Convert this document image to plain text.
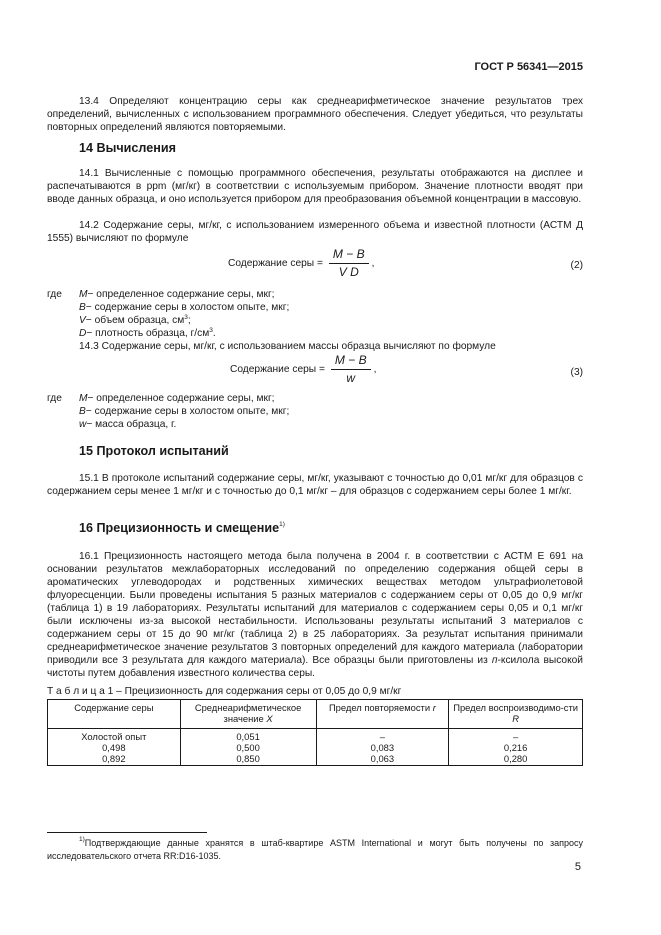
ГОСТ Р 56341—2015

13.4 Определяют концентрацию серы как среднеарифметическое значение результатов трех определений, вычисленных с использованием программного обеспечения. Следует убедиться, что результаты повторных определений являются повторяемыми.

14 Вычисления

14.1 Вычисленные с помощью программного обеспечения, результаты отображаются на дисплее и распечатываются в ppm (мг/кг) в соответствии с используемым прибором. Значение плотности вводят при вводе данных образца, и оно используется прибором для преобразования объемной концентрации в массовую.

14.2 Содержание серы, мг/кг, с использованием измеренного объема и известной плотности (АСТМ Д 1555) вычисляют по формуле

Содержание серы = $\frac{M - B}{\text{V D}}$ ,	(2)
где	M − определенное содержание серы, мкг;
B − содержание серы в холостом опыте, мкг;
V − объем образца, см 3 ;
D − плотность образца, г/см 3 .

14.3 Содержание серы, мг/кг, с использованием массы образца вычисляют по формуле

Содержание серы = $\frac{M - B}{w}$ ,	(3)
где	M − определенное содержание серы, мкг;
B − содержание серы в холостом опыте, мкг;
w − масса образца, г.
15 Протокол испытаний

15.1 В протоколе испытаний содержание серы, мг/кг, указывают с точностью до 0,01 мг/кг для образцов с содержанием серы менее 1 мг/кг и с точностью до 0,1 мг/кг – для образцов с содержанием серы более 1 мг/кг.

16 Прецизионность и смещение$^{1)}$

16.1 Прецизионность настоящего метода была получена в 2004 г. в соответствии с АСТМ Е 691 на основании результатов межлабораторных исследований по определению содержания общей серы в ароматических углеводородах и родственных химических веществах методом ультрафиолетовой флуоресценции. Были проведены испытания 5 разных материалов с содержанием серы от 0,05 до 0,9 мг/кг (таблица 1) в 19 лабораториях. Результаты испытаний для материалов с содержанием серы 0,05 и 0,1 мг/кг были исключены из-за высокой нестабильности. Использованы результаты испытаний 3 материалов с содержанием серы от 15 до 90 мг/кг (таблица 2) в 25 лабораториях. За результат испытания принимали среднеарифметическое значение результатов 3 повторных определений для каждого материала (лаборатории приводили все 3 результата для каждого материала). Все образцы были приготовлены из п-ксилола высокой чистоты путем добавления известного количества серы.

Т а б л и ц а 1 – Прецизионность для содержания серы от 0,05 до 0,9 мг/кг
Содержание серы	Среднеарифметическое значение X	Предел повторяемости r	Предел воспроизводимо-сти R
Холостой опыт	0,051	–	–
0,498	0,500	0,083	0,216
0,892	0,850	0,063	0,280

$^{1)}$Подтверждающие данные хранятся в штаб-квартире ASTM International и могут быть получены по запросу исследовательского отчета RR:D16-1035.

5
